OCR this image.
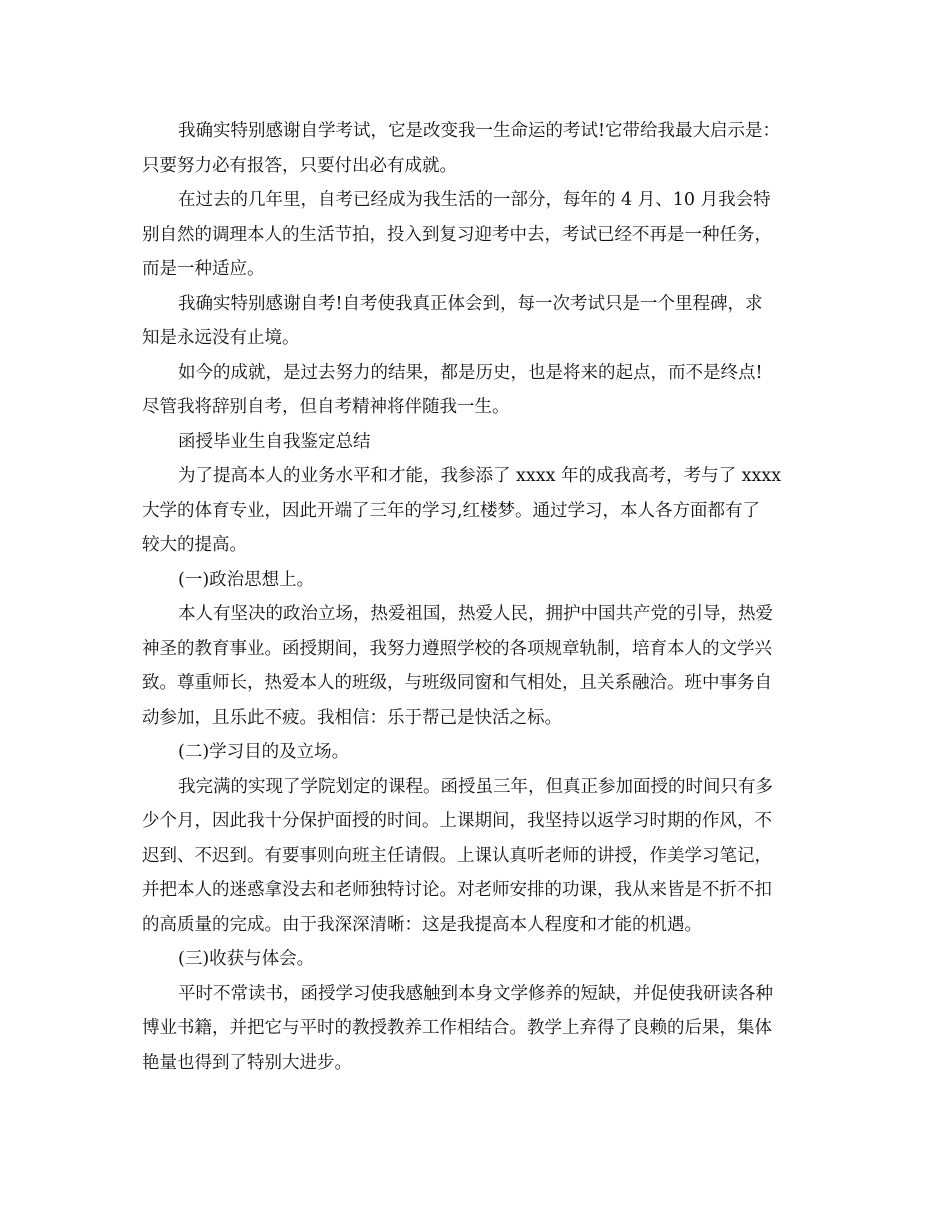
我确实特别感谢自学考试，它是改变我一生命运的考试!它带给我最大启示是：
只要努力必有报答，只要付出必有成就。
在过去的几年里，自考已经成为我生活的一部分，每年的 4 月、10 月我会特
别自然的调理本人的生活节拍，投入到复习迎考中去，考试已经不再是一种任务，
而是一种适应。
我确实特别感谢自考!自考使我真正体会到，每一次考试只是一个里程碑，求
知是永远没有止境。
如今的成就，是过去努力的结果，都是历史，也是将来的起点，而不是终点!
尽管我将辞别自考，但自考精神将伴随我一生。
函授毕业生自我鉴定总结
为了提高本人的业务水平和才能，我参添了 xxxx 年的成我高考，考与了 xxxx
大学的体育专业，因此开端了三年的学习,红楼梦。通过学习，本人各方面都有了
较大的提高。
(一)政治思想上。
本人有坚决的政治立场，热爱祖国，热爱人民，拥护中国共产党的引导，热爱
神圣的教育事业。函授期间，我努力遵照学校的各项规章轨制，培育本人的文学兴
致。尊重师长，热爱本人的班级，与班级同窗和气相处，且关系融洽。班中事务自
动参加，且乐此不疲。我相信：乐于帮己是快活之标。
(二)学习目的及立场。
我完满的实现了学院划定的课程。函授虽三年，但真正参加面授的时间只有多
少个月，因此我十分保护面授的时间。上课期间，我坚持以返学习时期的作风，不
迟到、不迟到。有要事则向班主任请假。上课认真听老师的讲授，作美学习笔记，
并把本人的迷惑拿没去和老师独特讨论。对老师安排的功课，我从来皆是不折不扣
的高质量的完成。由于我深深清晰：这是我提高本人程度和才能的机遇。
(三)收获与体会。
平时不常读书，函授学习使我感触到本身文学修养的短缺，并促使我研读各种
博业书籍，并把它与平时的教授教养工作相结合。教学上弃得了良赖的后果，集体
艳量也得到了特别大进步。
